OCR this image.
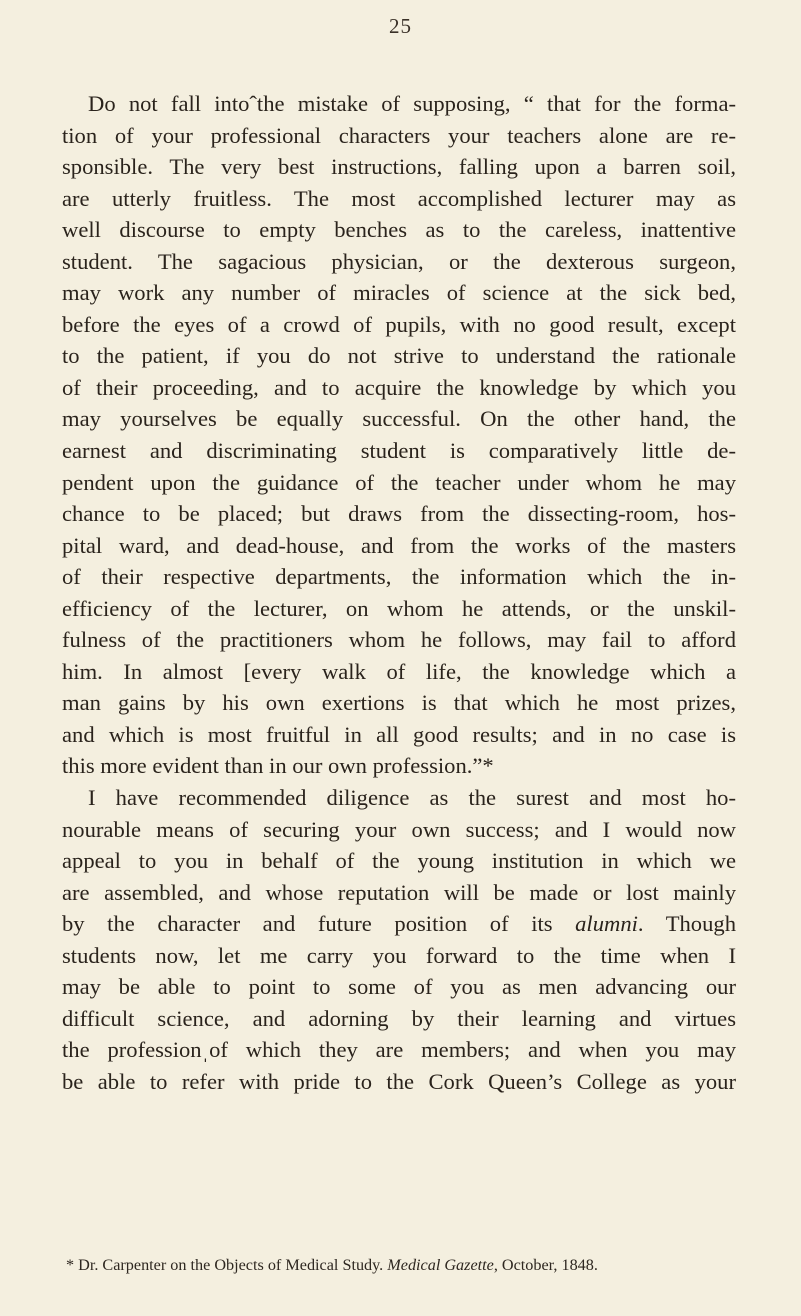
25
Do not fall intoˆthe mistake of supposing, “ that for the forma-
tion of your professional characters your teachers alone are re-
sponsible. The very best instructions, falling upon a barren soil,
are utterly fruitless. The most accomplished lecturer may as
well discourse to empty benches as to the careless, inattentive
student. The sagacious physician, or the dexterous surgeon,
may work any number of miracles of science at the sick bed,
before the eyes of a crowd of pupils, with no good result, except
to the patient, if you do not strive to understand the rationale
of their proceeding, and to acquire the knowledge by which you
may yourselves be equally successful. On the other hand, the
earnest and discriminating student is comparatively little de-
pendent upon the guidance of the teacher under whom he may
chance to be placed; but draws from the dissecting-room, hos-
pital ward, and dead-house, and from the works of the masters
of their respective departments, the information which the in-
efficiency of the lecturer, on whom he attends, or the unskil-
fulness of the practitioners whom he follows, may fail to afford
him. In almost [every walk of life, the knowledge which a
man gains by his own exertions is that which he most prizes,
and which is most fruitful in all good results; and in no case is
this more evident than in our own profession.”*
I have recommended diligence as the surest and most ho-
nourable means of securing your own success; and I would now
appeal to you in behalf of the young institution in which we
are assembled, and whose reputation will be made or lost mainly
by the character and future position of its alumni. Though
students now, let me carry you forward to the time when I
may be able to point to some of you as men advancing our
difficult science, and adorning by their learning and virtues
the professionˌof which they are members; and when you may
be able to refer with pride to the Cork Queen’s College as your
* Dr. Carpenter on the Objects of Medical Study. Medical Gazette, October, 1848.
